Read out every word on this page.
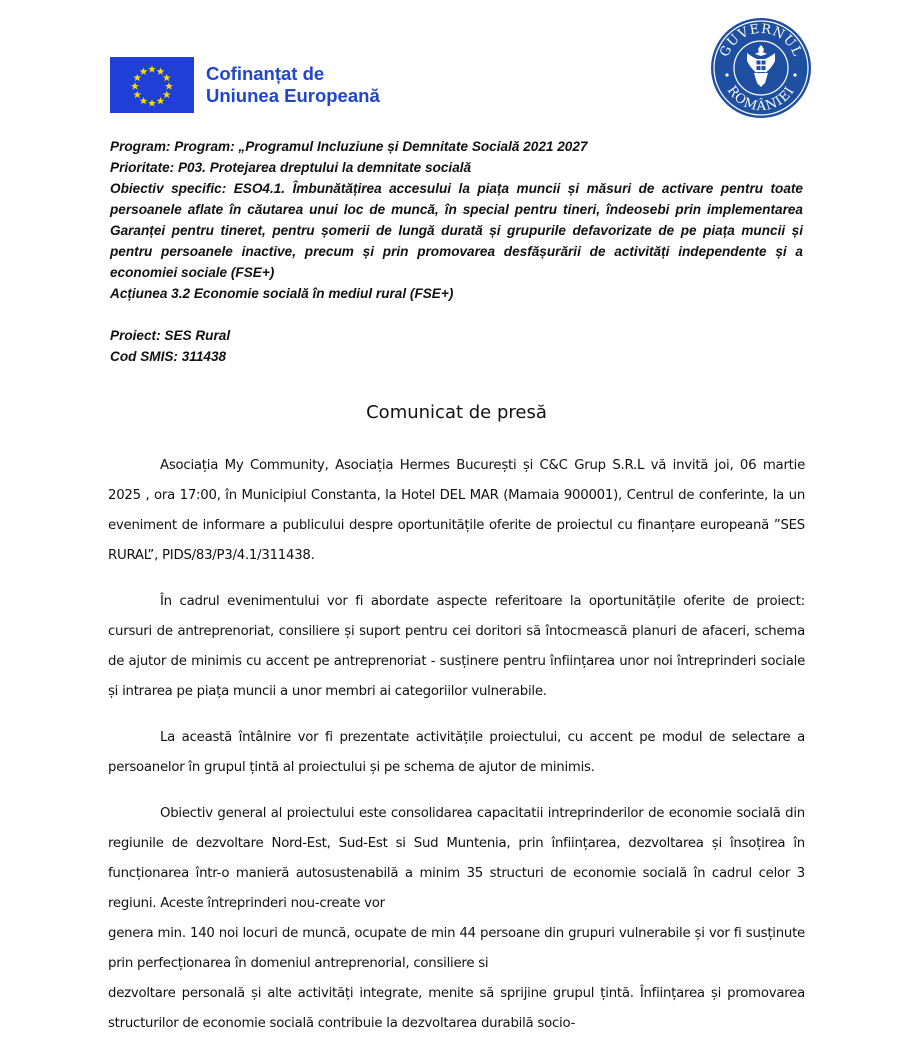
Cofinanțat de
Uniunea Europeană
GUVERNUL
ROMÂNIEI

Program: Program: „Programul Incluziune și Demnitate Socială 2021 2027

Prioritate: P03. Protejarea dreptului la demnitate socială

Obiectiv specific: ESO4.1. Îmbunătățirea accesului la piața muncii și măsuri de activare pentru toate persoanele aflate în căutarea unui loc de muncă, în special pentru tineri, îndeosebi prin implementarea Garanței pentru tineret, pentru șomerii de lungă durată și grupurile defavorizate de pe piața muncii și pentru persoanele inactive, precum și prin promovarea desfășurării de activități independente și a economiei sociale (FSE+)

Acțiunea 3.2 Economie socială în mediul rural (FSE+)

Proiect: SES Rural

Cod SMIS: 311438

Comunicat de presă

Asociația My Community, Asociația Hermes București și C&C Grup S.R.L vă invită joi, 06 martie 2025 , ora 17:00, în Municipiul Constanta, la Hotel DEL MAR (Mamaia 900001), Centrul de conferinte, la un eveniment de informare a publicului despre oportunitățile oferite de proiectul cu finanțare europeană ”SES RURAL”, PIDS/83/P3/4.1/311438.

În cadrul evenimentului vor fi abordate aspecte referitoare la oportunitățile oferite de proiect: cursuri de antreprenoriat, consiliere și suport pentru cei doritori să întocmească planuri de afaceri, schema de ajutor de minimis cu accent pe antreprenoriat - susținere pentru înființarea unor noi întreprinderi sociale și intrarea pe piața muncii a unor membri ai categoriilor vulnerabile.

La această întâlnire vor fi prezentate activitățile proiectului, cu accent pe modul de selectare a persoanelor în grupul țintă al proiectului și pe schema de ajutor de minimis.

Obiectiv general al proiectului este consolidarea capacitatii intreprinderilor de economie socială din regiunile de dezvoltare Nord-Est, Sud-Est si Sud Muntenia, prin înființarea, dezvoltarea și însoțirea în funcționarea într-o manieră autosustenabilă a minim 35 structuri de economie socială în cadrul celor 3 regiuni. Aceste întreprinderi nou-create vor
genera min. 140 noi locuri de muncă, ocupate de min 44 persoane din grupuri vulnerabile și vor fi susținute prin perfecționarea în domeniul antreprenorial, consiliere si
dezvoltare personală și alte activități integrate, menite să sprijine grupul țintă. Înființarea și promovarea structurilor de economie socială contribuie la dezvoltarea durabilă socio-
